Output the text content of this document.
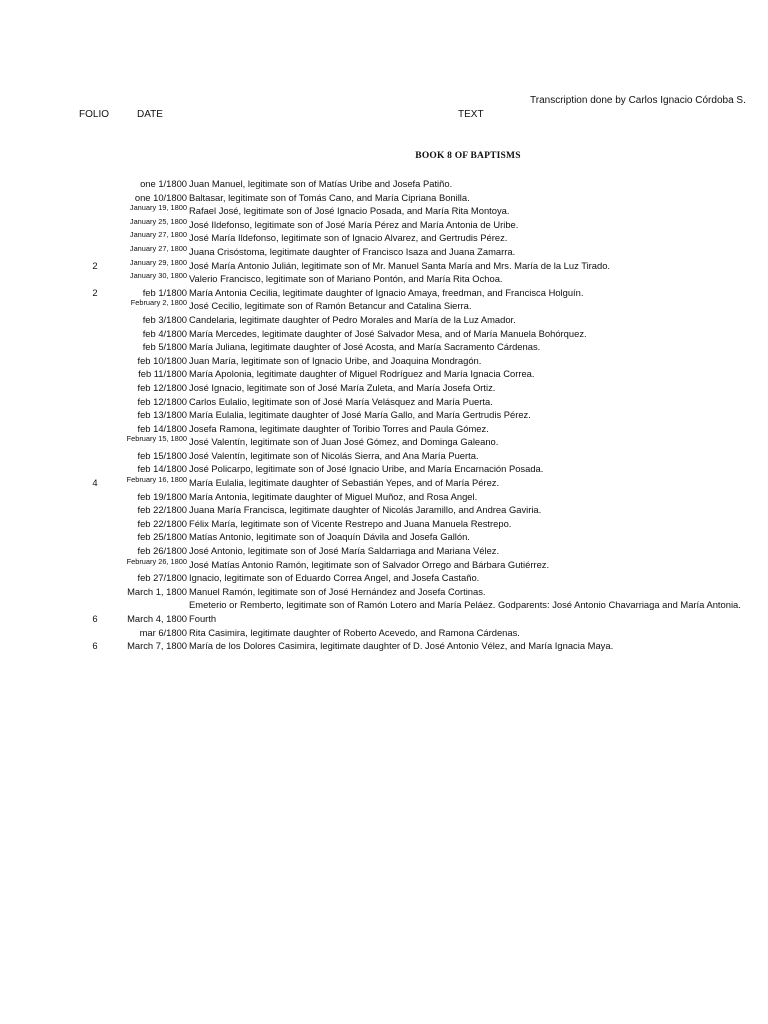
Transcription done by Carlos Ignacio Córdoba S.
FOLIO	DATE	TEXT
BOOK 8 OF BAPTISMS
one 1/1800 Juan Manuel, legitimate son of Matías Uribe and Josefa Patiño.
one 10/1800 Baltasar, legitimate son of Tomás Cano, and María Cipriana Bonilla.
January 19, 1800 Rafael José, legitimate son of José Ignacio Posada, and María Rita Montoya.
January 25, 1800 José Ildefonso, legitimate son of José María Pérez and María Antonia de Uribe.
January 27, 1800 José María Ildefonso, legitimate son of Ignacio Alvarez, and Gertrudis Pérez.
January 27, 1800 Juana Crisóstoma, legitimate daughter of Francisco Isaza and Juana Zamarra.
2	January 29, 1800 José María Antonio Julián, legitimate son of Mr. Manuel Santa María and Mrs. María de la Luz Tirado.
January 30, 1800 Valerio Francisco, legitimate son of Mariano Pontón, and María Rita Ochoa.
2	feb 1/1800 María Antonia Cecilia, legitimate daughter of Ignacio Amaya, freedman, and Francisca Holguín.
February 2, 1800 José Cecilio, legitimate son of Ramón Betancur and Catalina Sierra.
feb 3/1800 Candelaria, legitimate daughter of Pedro Morales and María de la Luz Amador.
feb 4/1800 María Mercedes, legitimate daughter of José Salvador Mesa, and of María Manuela Bohórquez.
feb 5/1800 María Juliana, legitimate daughter of José Acosta, and María Sacramento Cárdenas.
feb 10/1800 Juan María, legitimate son of Ignacio Uribe, and Joaquina Mondragón.
feb 11/1800 María Apolonia, legitimate daughter of Miguel Rodríguez and María Ignacia Correa.
feb 12/1800 José Ignacio, legitimate son of José María Zuleta, and María Josefa Ortiz.
feb 12/1800 Carlos Eulalio, legitimate son of José María Velásquez and María Puerta.
feb 13/1800 María Eulalia, legitimate daughter of José María Gallo, and María Gertrudis Pérez.
feb 14/1800 Josefa Ramona, legitimate daughter of Toribio Torres and Paula Gómez.
February 15, 1800 José Valentín, legitimate son of Juan José Gómez, and Dominga Galeano.
feb 15/1800 José Valentín, legitimate son of Nicolás Sierra, and Ana María Puerta.
feb 14/1800 José Policarpo, legitimate son of José Ignacio Uribe, and María Encarnación Posada.
4	February 16, 1800 María Eulalia, legitimate daughter of Sebastián Yepes, and of María Pérez.
feb 19/1800 María Antonia, legitimate daughter of Miguel Muñoz, and Rosa Angel.
feb 22/1800 Juana María Francisca, legitimate daughter of Nicolás Jaramillo, and Andrea Gaviria.
feb 22/1800 Félix María, legitimate son of Vicente Restrepo and Juana Manuela Restrepo.
feb 25/1800 Matías Antonio, legitimate son of Joaquín Dávila and Josefa Gallón.
feb 26/1800 José Antonio, legitimate son of José María Saldarriaga and Mariana Vélez.
February 26, 1800 José Matías Antonio Ramón, legitimate son of Salvador Orrego and Bárbara Gutiérrez.
feb 27/1800 Ignacio, legitimate son of Eduardo Correa Angel, and Josefa Castaño.
March 1, 1800 Manuel Ramón, legitimate son of José Hernández and Josefa Cortinas.
Emeterio or Remberto, legitimate son of Ramón Lotero and María Peláez. Godparents: José Antonio Chavarriaga and María Antonia.
6	March 4, 1800 Fourth
mar 6/1800 Rita Casimira, legitimate daughter of Roberto Acevedo, and Ramona Cárdenas.
6	March 7, 1800 María de los Dolores Casimira, legitimate daughter of D. José Antonio Vélez, and María Ignacia Maya.
